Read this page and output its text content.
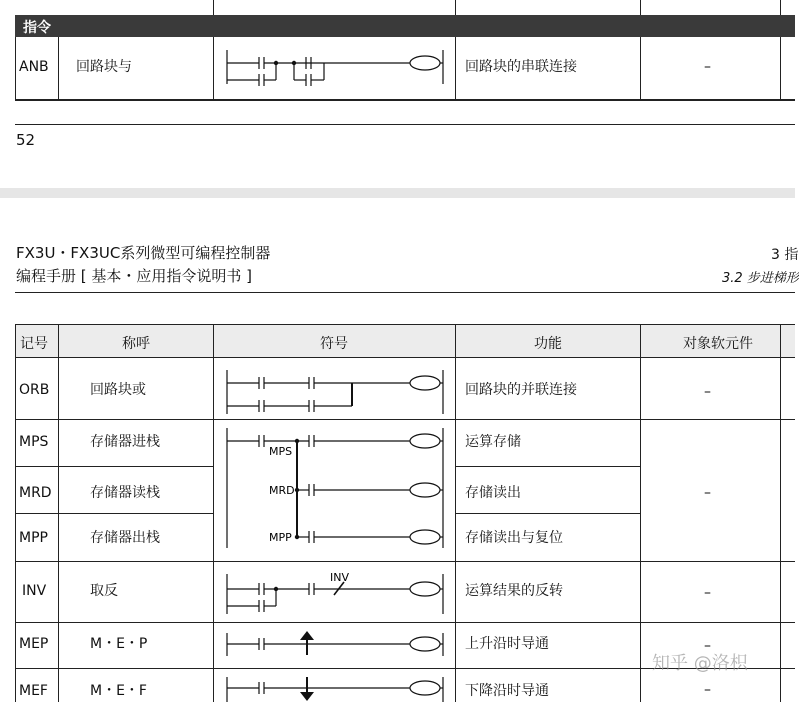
指令
ANB 回路块与	回路块的串联连接	–
52
FX3U・FX3UC系列微型可编程控制器
编程手册 [ 基本・应用指令说明书 ]
3 指
3.2 步进梯形
记号	称呼	符号	功能	对象软元件
ORB	回路块或	回路块的并联连接	–
MPS	存储器进栈	运算存储
MRD	存储器读栈	存储读出	–
MPP	存储器出栈	存储读出与复位
INV	取反	运算结果的反转	–
MEP	M・E・P	上升沿时导通	–
MEF	M・E・F	下降沿时导通	–
MPS
MRD
MPP
INV
知乎 @洛枳
